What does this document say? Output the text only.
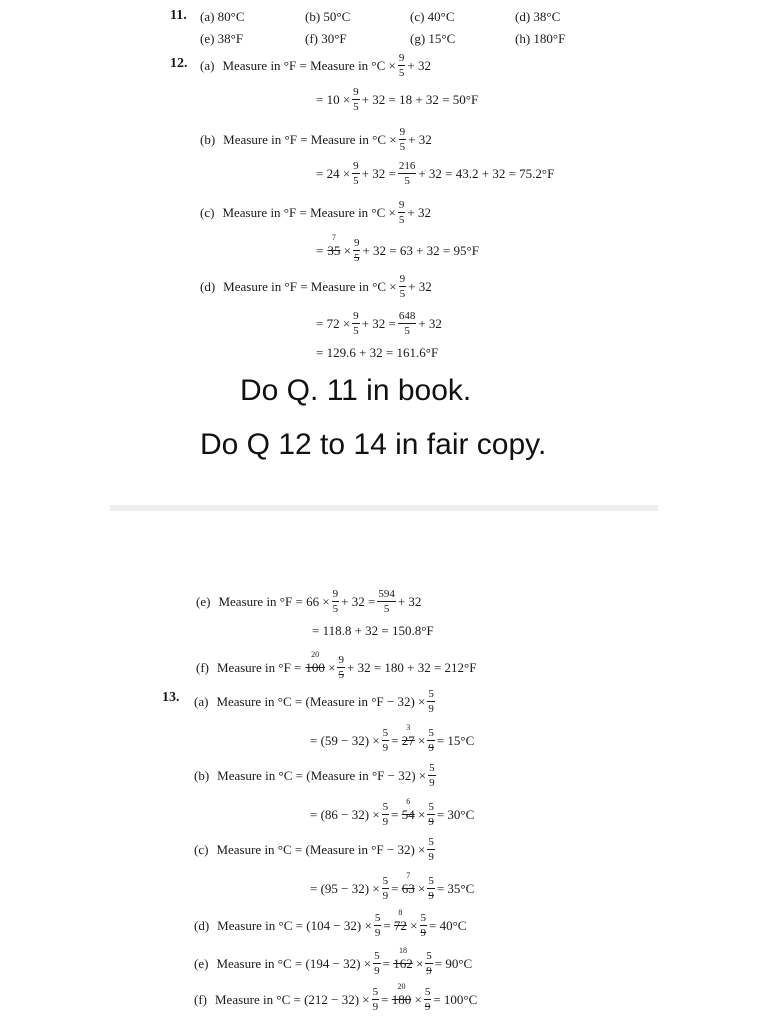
11. (a) 80°C	(b) 50°C	(c) 40°C	(d) 38°C
(e) 38°F	(f) 30°F	(g) 15°C	(h) 180°F
12. (a) Measure in °F = Measure in $^\circ C \times \frac{9}{5} + 32$
= $10 \times \frac{9}{5} + 32 = 18 + 32 = 50^\circ F$
(b) Measure in °F = Measure in $^\circ C \times \frac{9}{5} + 32$
= $24 \times \frac{9}{5} + 32 = \frac{216}{5} + 32 = 43.2 + 32 = 75.2^\circ F$
(c) Measure in °F = Measure in $^\circ C \times \frac{9}{5} + 32$
=
7
$35 \times \frac{9}{5} + 32 = 63 + 32 = 95^\circ F$
(d) Measure in °F = Measure in $^\circ C \times \frac{9}{5} + 32$
= $72 \times \frac{9}{5} + 32 = \frac{648}{5} + 32$
= 129.6 + 32 = 161.6°F
Do Q. 11 in book.
Do Q 12 to 14 in fair copy.
(e) Measure in $^\circ F = 66 \times \frac{9}{5} + 32 = \frac{594}{5} + 32$
= 118.8 + 32 = 150.8°F
(f) Measure in °F =
20
$100 \times \frac{9}{5} + 32 = 180 + 32 = 212^\circ F$
13. (a) Measure in °C = (Measure in $^\circ F - 32) \times \frac{5}{9}$
= $(59 - 32) \times \frac{5}{9}$ =
3
$27 \times \frac{5}{9} = 15^\circ C$
(b) Measure in °C = (Measure in $^\circ F - 32) \times \frac{5}{9}$
= $(86 - 32) \times \frac{5}{9}$ =
6
$54 \times \frac{5}{9} = 30^\circ C$
(c) Measure in °C = (Measure in $^\circ F - 32) \times \frac{5}{9}$
= $(95 - 32) \times \frac{5}{9}$ =
7
$63 \times \frac{5}{9} = 35^\circ C$
(d) Measure in $^\circ C = (104 - 32) \times \frac{5}{9}$ =
8
$72 \times \frac{5}{9} = 40^\circ C$
(e) Measure in $^\circ C = (194 - 32) \times \frac{5}{9}$ =
18
$162 \times \frac{5}{9} = 90^\circ C$
(f) Measure in $^\circ C = (212 - 32) \times \frac{5}{9}$ =
20
$180 \times \frac{5}{9} = 100^\circ C$
